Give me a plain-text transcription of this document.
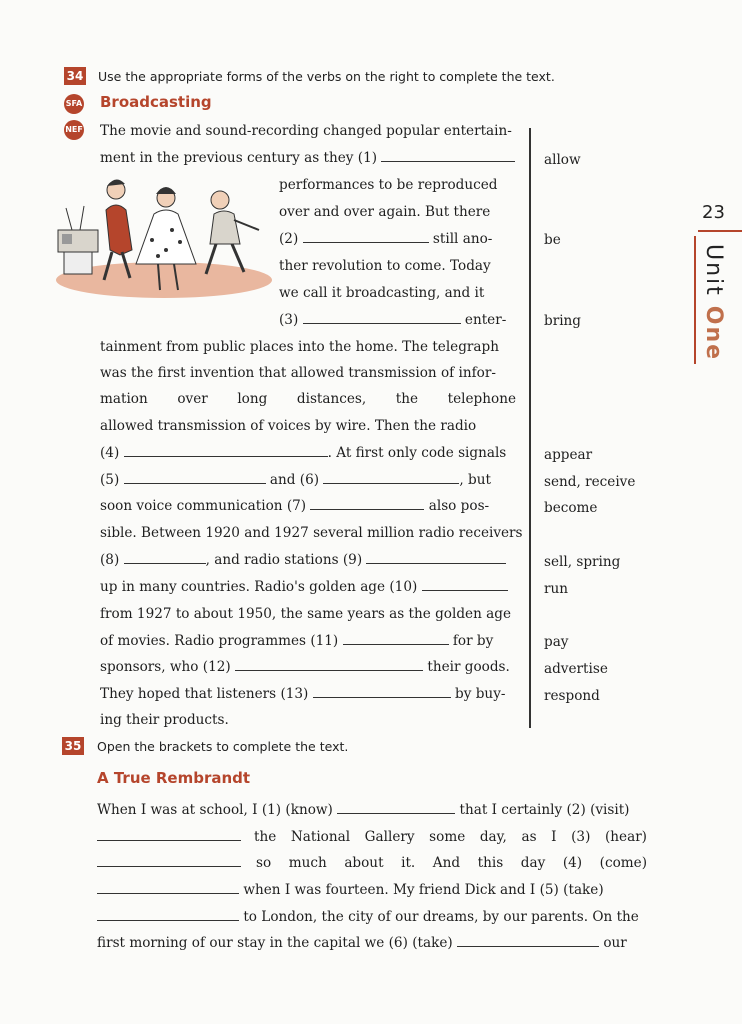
23
Unit One
34 Use the appropriate forms of the verbs on the right to complete the text.
SFA Broadcasting
NEF The movie and sound-recording changed popular entertain-
ment in the previous century as they (1)
performances to be reproduced
over and over again. But there
(2)	still ano-
ther revolution to come. Today
we call it broadcasting, and it
(3)	enter-
tainment from public places into the home. The telegraph
was the first invention that allowed transmission of infor-
mation over long distances, the telephone
allowed transmission of voices by wire. Then the radio
(4)	. At first only code signals
(5)	and (6)	, but
soon voice communication (7)	also pos-
sible. Between 1920 and 1927 several million radio receivers
(8)	, and radio stations (9)
up in many countries. Radio's golden age (10)
from 1927 to about 1950, the same years as the golden age
of movies. Radio programmes (11)	for by
sponsors, who (12)	their goods.
They hoped that listeners (13)	by buy-
ing their products.
allow
be
bring
appear
send, receive
become
sell, spring
run
pay
advertise
respond
35 Open the brackets to complete the text.
A True Rembrandt
When I was at school, I (1) (know)	that I certainly (2) (visit)
the National Gallery some day, as I (3) (hear)
so much about it. And this day (4) (come)
when I was fourteen. My friend Dick and I (5) (take)
to London, the city of our dreams, by our parents. On the
first morning of our stay in the capital we (6) (take)	our
